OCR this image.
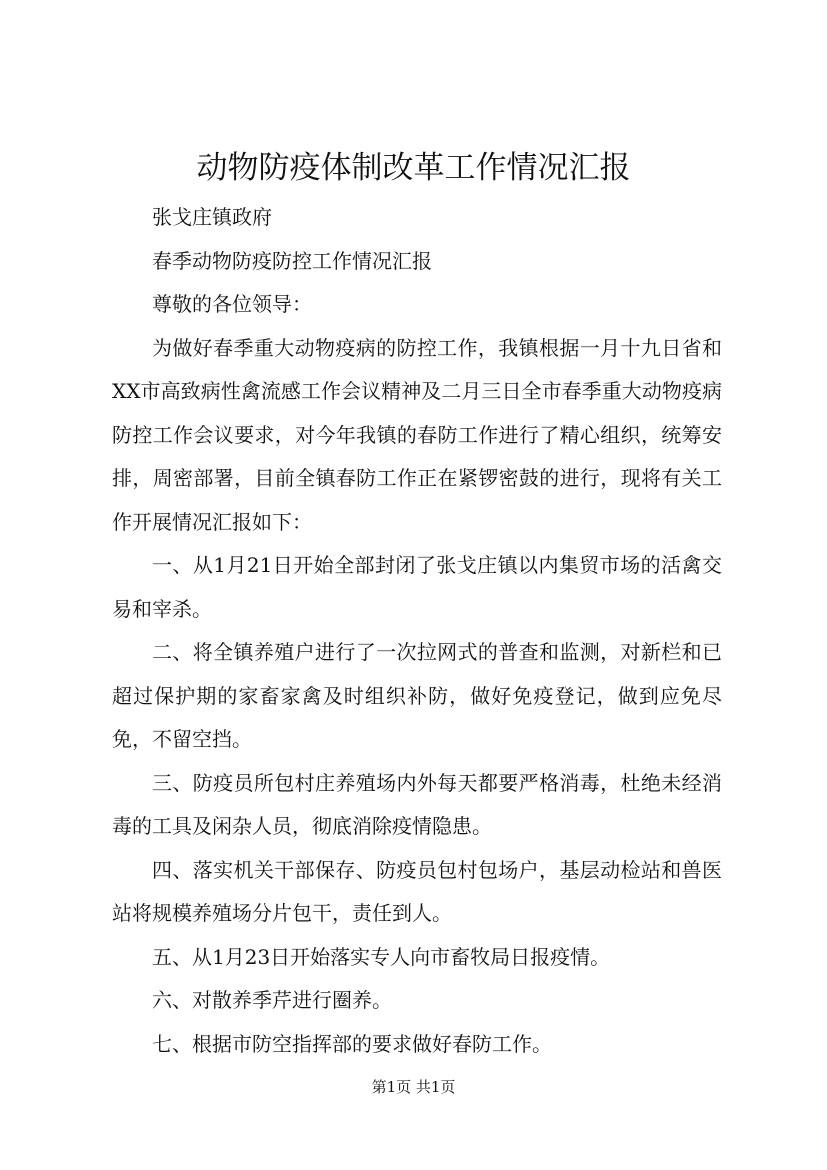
动物防疫体制改革工作情况汇报

张戈庄镇政府

春季动物防疫防控工作情况汇报

尊敬的各位领导：

为做好春季重大动物疫病的防控工作，我镇根据一月十九日省和XX市高致病性禽流感工作会议精神及二月三日全市春季重大动物疫病防控工作会议要求，对今年我镇的春防工作进行了精心组织，统筹安排，周密部署，目前全镇春防工作正在紧锣密鼓的进行，现将有关工作开展情况汇报如下：

一、从1月21日开始全部封闭了张戈庄镇以内集贸市场的活禽交易和宰杀。

二、将全镇养殖户进行了一次拉网式的普查和监测，对新栏和已超过保护期的家畜家禽及时组织补防，做好免疫登记，做到应免尽免，不留空挡。

三、防疫员所包村庄养殖场内外每天都要严格消毒，杜绝未经消毒的工具及闲杂人员，彻底消除疫情隐患。

四、落实机关干部保存、防疫员包村包场户，基层动检站和兽医站将规模养殖场分片包干，责任到人。

五、从1月23日开始落实专人向市畜牧局日报疫情。

六、对散养季芹进行圈养。

七、根据市防空指挥部的要求做好春防工作。

第1页 共1页
